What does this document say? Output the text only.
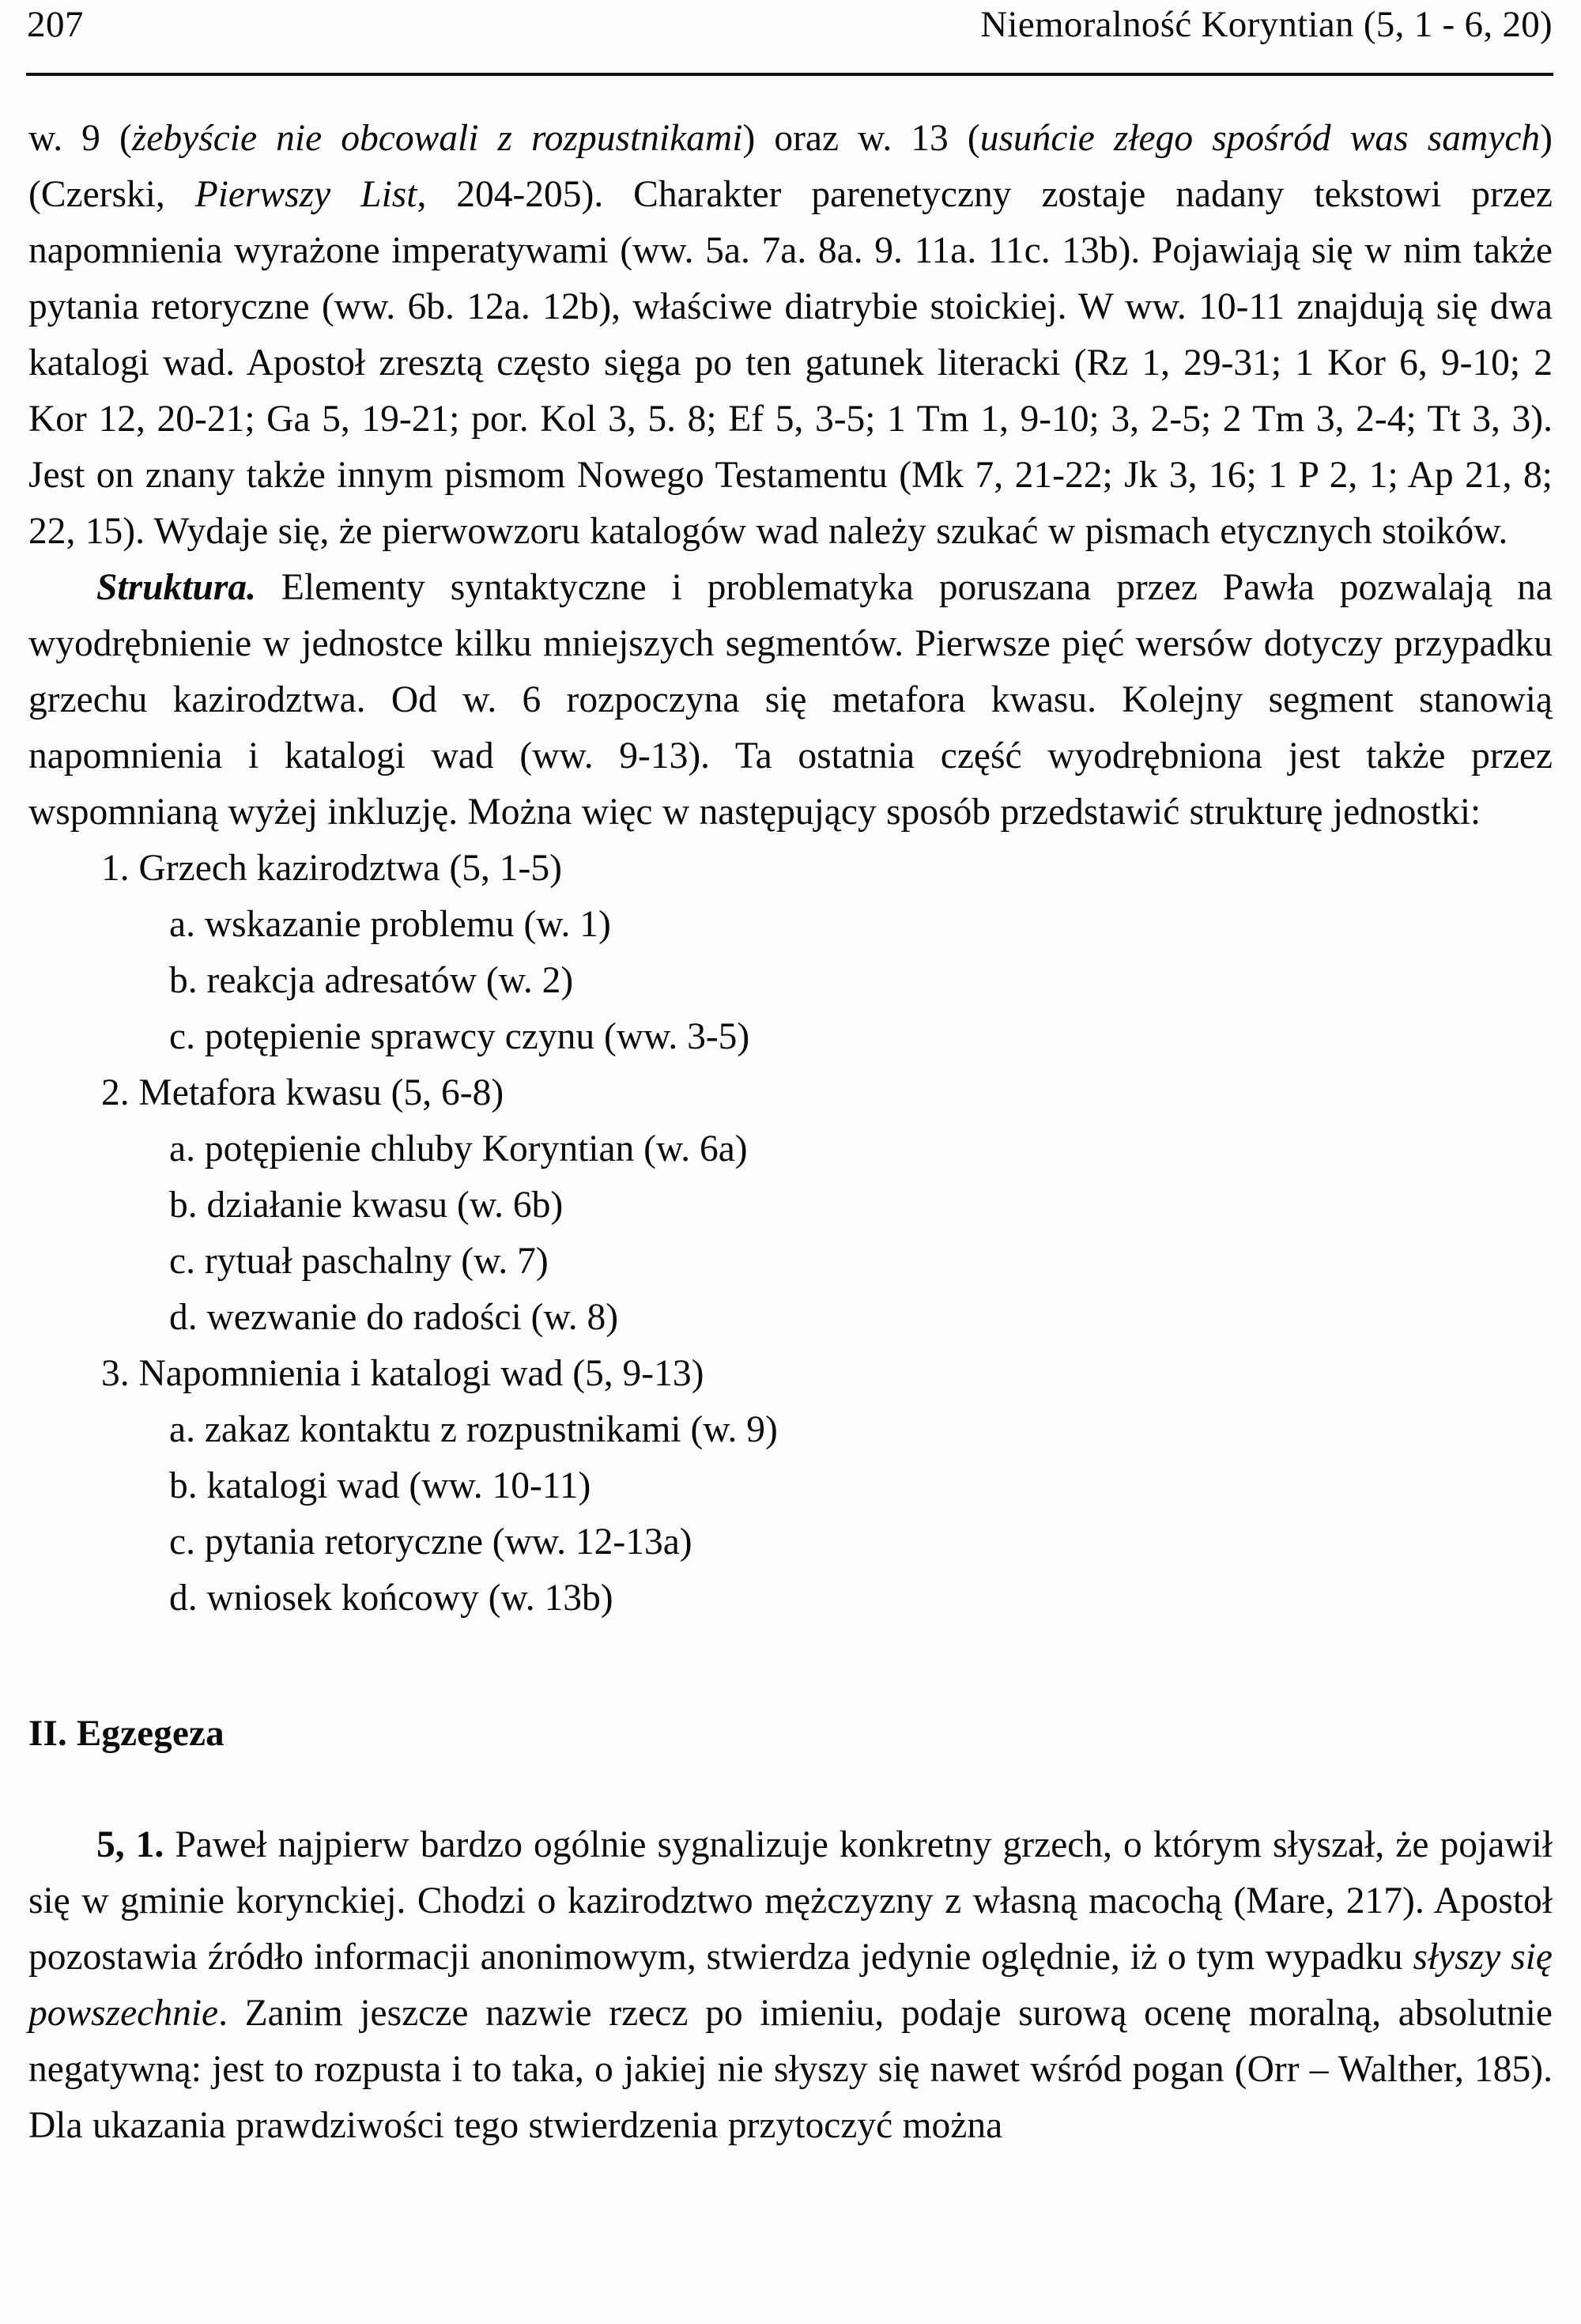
207	Niemoralność Koryntian (5, 1 - 6, 20)

w. 9 (żebyście nie obcowali z rozpustnikami) oraz w. 13 (usuńcie złego spośród was samych) (Czerski, Pierwszy List, 204-205). Charakter parenetyczny zostaje nadany tekstowi przez napomnienia wyrażone imperatywami (ww. 5a. 7a. 8a. 9. 11a. 11c. 13b). Pojawiają się w nim także pytania retoryczne (ww. 6b. 12a. 12b), właściwe diatrybie stoickiej. W ww. 10-11 znajdują się dwa katalogi wad. Apostoł zresztą często sięga po ten gatunek literacki (Rz 1, 29-31; 1 Kor 6, 9-10; 2 Kor 12, 20-21; Ga 5, 19-21; por. Kol 3, 5. 8; Ef 5, 3-5; 1 Tm 1, 9-10; 3, 2-5; 2 Tm 3, 2-4; Tt 3, 3). Jest on znany także innym pismom Nowego Testamentu (Mk 7, 21-22; Jk 3, 16; 1 P 2, 1; Ap 21, 8; 22, 15). Wydaje się, że pierwowzoru katalogów wad należy szukać w pismach etycznych stoików.

Struktura. Elementy syntaktyczne i problematyka poruszana przez Pawła pozwalają na wyodrębnienie w jednostce kilku mniejszych segmentów. Pierwsze pięć wersów dotyczy przypadku grzechu kazirodztwa. Od w. 6 rozpoczyna się metafora kwasu. Kolejny segment stanowią napomnienia i katalogi wad (ww. 9-13). Ta ostatnia część wyodrębniona jest także przez wspomnianą wyżej inkluzję. Można więc w następujący sposób przedstawić strukturę jednostki:

1. Grzech kazirodztwa (5, 1-5)
a. wskazanie problemu (w. 1)
b. reakcja adresatów (w. 2)
c. potępienie sprawcy czynu (ww. 3-5)
2. Metafora kwasu (5, 6-8)
a. potępienie chluby Koryntian (w. 6a)
b. działanie kwasu (w. 6b)
c. rytuał paschalny (w. 7)
d. wezwanie do radości (w. 8)
3. Napomnienia i katalogi wad (5, 9-13)
a. zakaz kontaktu z rozpustnikami (w. 9)
b. katalogi wad (ww. 10-11)
c. pytania retoryczne (ww. 12-13a)
d. wniosek końcowy (w. 13b)
II. Egzegeza

5, 1. Paweł najpierw bardzo ogólnie sygnalizuje konkretny grzech, o którym słyszał, że pojawił się w gminie korynckiej. Chodzi o kazirodztwo mężczyzny z własną macochą (Mare, 217). Apostoł pozostawia źródło informacji anonimowym, stwierdza jedynie oględnie, iż o tym wypadku słyszy się powszechnie. Zanim jeszcze nazwie rzecz po imieniu, podaje surową ocenę moralną, absolutnie negatywną: jest to rozpusta i to taka, o jakiej nie słyszy się nawet wśród pogan (Orr – Walther, 185). Dla ukazania prawdziwości tego stwierdzenia przytoczyć można
